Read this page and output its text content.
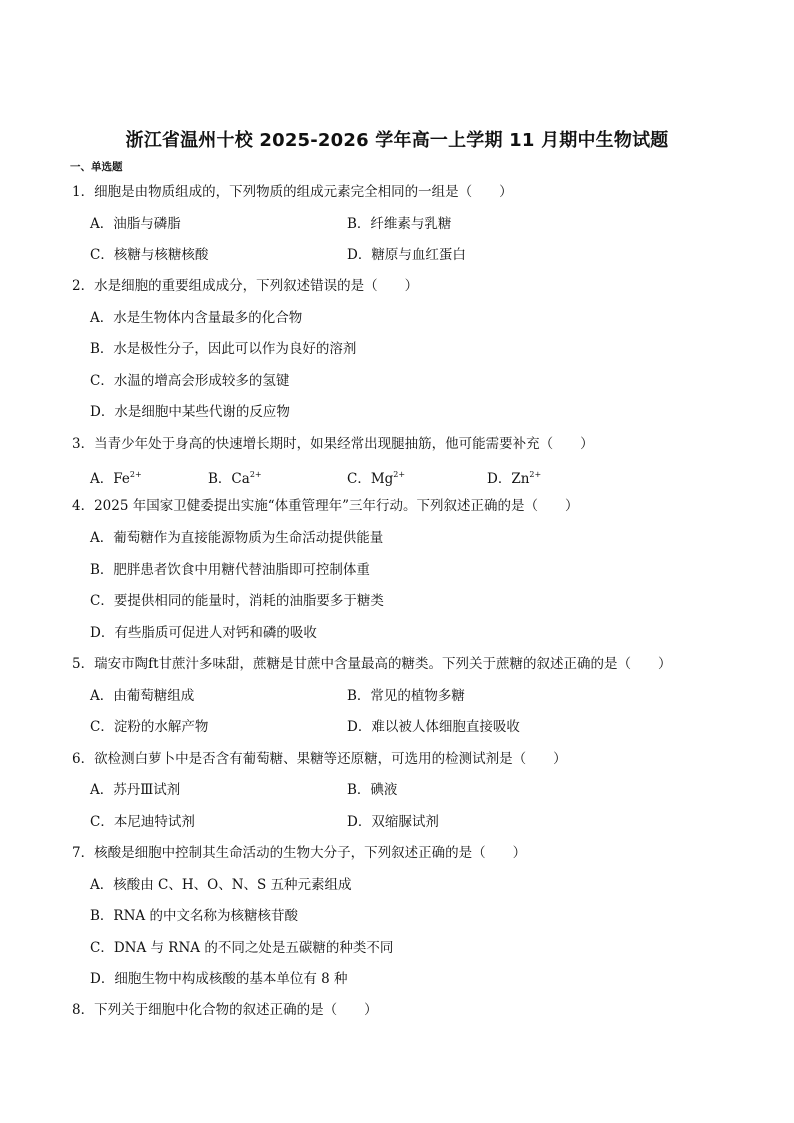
浙江省温州十校 2025-2026 学年高一上学期 11 月期中生物试题
一、单选题
1．细胞是由物质组成的，下列物质的组成元素完全相同的一组是（　　）
A．油脂与磷脂	B．纤维素与乳糖
C．核糖与核糖核酸	D．糖原与血红蛋白
2．水是细胞的重要组成成分，下列叙述错误的是（　　）
A．水是生物体内含量最多的化合物
B．水是极性分子，因此可以作为良好的溶剂
C．水温的增高会形成较多的氢键
D．水是细胞中某些代谢的反应物
3．当青少年处于身高的快速增长期时，如果经常出现腿抽筋，他可能需要补充（　　）
A．$Fe^{2+}$	B．$Ca^{2+}$	C．$Mg^{2+}$	D．$Zn^{2+}$
4．2025 年国家卫健委提出实施“体重管理年”三年行动。下列叙述正确的是（　　）
A．葡萄糖作为直接能源物质为生命活动提供能量
B．肥胖患者饮食中用糖代替油脂即可控制体重
C．要提供相同的能量时，消耗的油脂要多于糖类
D．有些脂质可促进人对钙和磷的吸收
5．瑞安市陶ft甘蔗汁多味甜，蔗糖是甘蔗中含量最高的糖类。下列关于蔗糖的叙述正确的是（　　）
A．由葡萄糖组成	B．常见的植物多糖
C．淀粉的水解产物	D．难以被人体细胞直接吸收
6．欲检测白萝卜中是否含有葡萄糖、果糖等还原糖，可选用的检测试剂是（　　）
A．苏丹Ⅲ试剂	B．碘液
C．本尼迪特试剂	D．双缩脲试剂
7．核酸是细胞中控制其生命活动的生物大分子，下列叙述正确的是（　　）
A．核酸由 C、H、O、N、S 五种元素组成
B．RNA 的中文名称为核糖核苷酸
C．DNA 与 RNA 的不同之处是五碳糖的种类不同
D．细胞生物中构成核酸的基本单位有 8 种
8．下列关于细胞中化合物的叙述正确的是（　　）
